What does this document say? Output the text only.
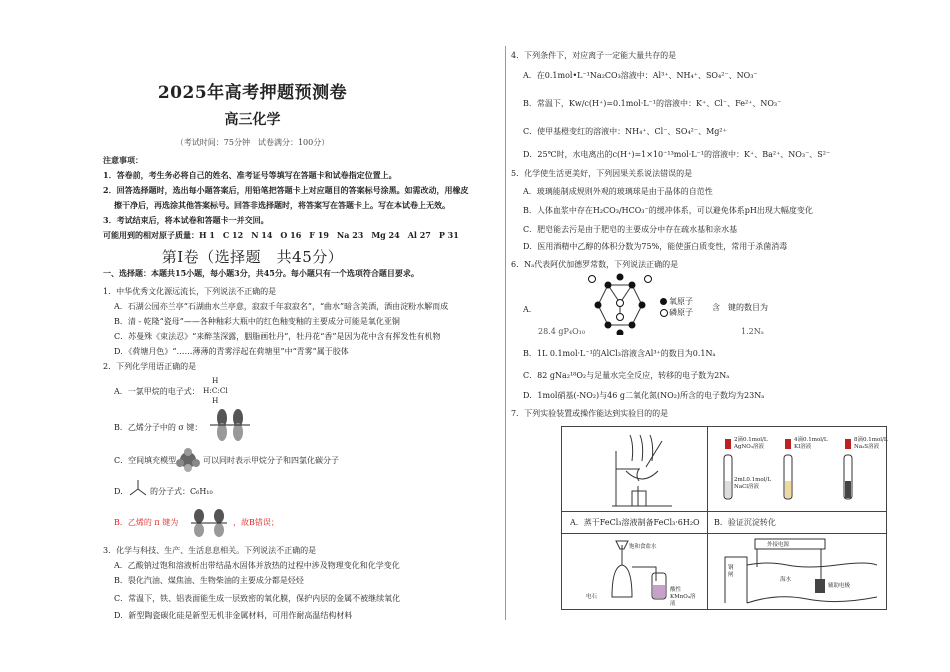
2025年高考押题预测卷
高三化学
（考试时间：75分钟　试卷满分：100分）
注意事项：
1．答卷前，考生务必将自己的姓名、准考证号等填写在答题卡和试卷指定位置上。
2．回答选择题时，选出每小题答案后，用铅笔把答题卡上对应题目的答案标号涂黑。如需改动，用橡皮
擦干净后，再选涂其他答案标号。回答非选择题时，将答案写在答题卡上。写在本试卷上无效。
3．考试结束后，将本试卷和答题卡一并交回。
可能用到的相对原子质量：H 1　C 12　N 14　O 16　F 19　Na 23　Mg 24　Al 27　P 31
第Ⅰ卷（选择题　共45分）
一、选择题：本题共15小题，每小题3分，共45分。每小题只有一个选项符合题目要求。
1．中华优秀文化源远流长，下列说法不正确的是
A．石湖公园亦兰亭“石湖曲水兰亭意，寂寂千年寂寂名”，“曲水”暗含美酒，酒由淀粉水解而成
B．清 - 乾隆“瓷母”——各种釉彩大瓶中的红色釉变釉的主要成分可能是氧化亚铜
C．苏曼殊《束法忍》“来醉茎深露，胭脂画牡丹”，牡丹花“香”是因为花中含有挥发性有机物
D．《荷塘月色》“……薄薄的青雾浮起在荷塘里”中“青雾”属于胶体
2．下列化学用语正确的是
A．一氯甲烷的电子式：
H
H:C:Cl
H
B．乙烯分子中的 σ 键：
C．空间填充模型	可以同时表示甲烷分子和四氯化碳分子
D．	的分子式：C₆H₁₀
B．乙烯的 π 键为	，故B错误；
3．化学与科技、生产、生活息息相关。下列说法不正确的是
A．乙酸钠过饱和溶液析出带结晶水固体并放热的过程中涉及物理变化和化学变化
B．裂化汽油、煤焦油、生物柴油的主要成分都是烃烃
C．常温下，铁、铝表面能生成一层致密的氧化膜，保护内层的金属不被继续氧化
D．新型陶瓷碳化硅是新型无机非金属材料，可用作耐高温结构材料
4．下列条件下，对应离子一定能大量共存的是
A．在0.1mol•L⁻¹Na₂CO₃溶液中：Al³⁺、NH₄⁺、SO₄²⁻、NO₃⁻
B．常温下，Kw/c(H⁺)=0.1mol·L⁻¹的溶液中：K⁺、Cl⁻、Fe²⁺、NO₃⁻
C．使甲基橙变红的溶液中：NH₄⁺、Cl⁻、SO₄²⁻、Mg²⁺
D．25℃时，水电离出的c(H⁺)=1×10⁻¹³mol·L⁻¹的溶液中：K⁺、Ba²⁺、NO₃⁻、S²⁻
5．化学使生活更美好，下列因果关系说法错误的是
A．玻璃能制成规则外观的玻璃球是由于晶体的自范性
B．人体血浆中存在H₂CO₃/HCO₃⁻的缓冲体系，可以避免体系pH出现大幅度变化
C．肥皂能去污是由于肥皂的主要成分中存在疏水基和亲水基
D．医用酒精中乙醇的体积分数为75%，能使蛋白质变性，常用于杀菌消毒
6．Nₐ代表阿伏加德罗常数，下列说法正确的是
A．
氧原子
磷原子
含　键的数目为
28.4 gP₄O₁₀	1.2Nₐ
B．1L 0.1mol·L⁻¹的AlCl₃溶液含Al³⁺的数目为0.1Nₐ
C．82 gNa₂¹⁸O₂与足量水完全反应，转移的电子数为2Nₐ
D．1mol硝基(-NO₂)与46 g二氧化氮(NO₂)所含的电子数均为23Nₐ
7．下列实验装置或操作能达到实验目的的是
2滴0.1mol/L AgNO₃溶液
4滴0.1mol/L KI溶液
8滴0.1mol/L Na₂S溶液
2mL0.1mol/L NaCl溶液
A．蒸干FeCl₃溶液制备FeCl₃·6H₂O B．验证沉淀转化
饱和食盐水
电石
酸性KMnO₄溶液
外接电源
钢闸
海水
辅助电极
